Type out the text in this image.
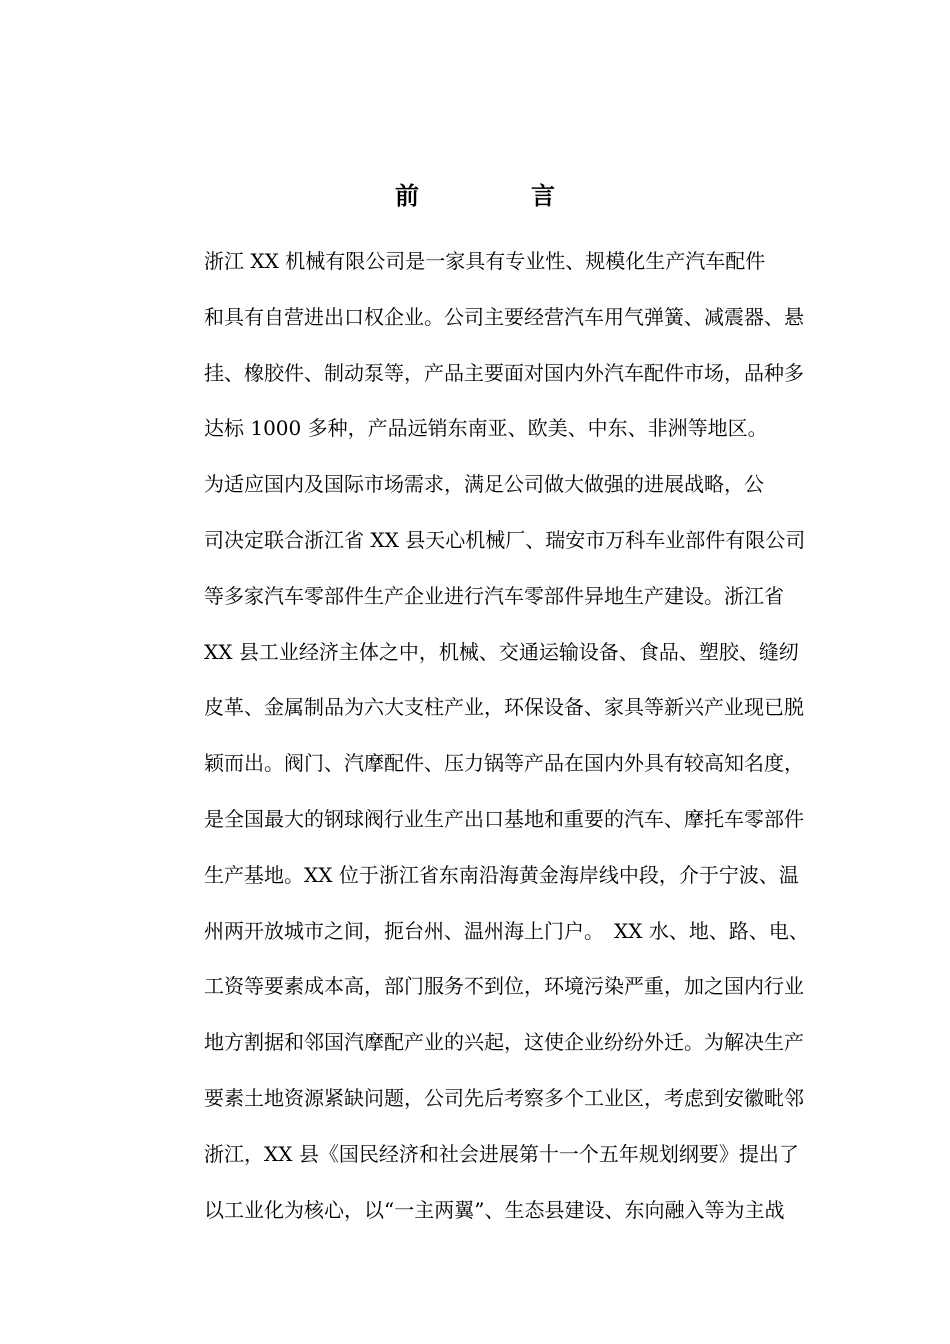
前　言

浙江 XX 机械有限公司是一家具有专业性、规模化生产汽车配件
和具有自营进出口权企业。公司主要经营汽车用气弹簧、减震器、悬
挂、橡胶件、制动泵等，产品主要面对国内外汽车配件市场，品种多
达标 1000 多种，产品远销东南亚、欧美、中东、非洲等地区。

为适应国内及国际市场需求，满足公司做大做强的进展战略，公
司决定联合浙江省 XX 县天心机械厂、瑞安市万科车业部件有限公司
等多家汽车零部件生产企业进行汽车零部件异地生产建设。浙江省
XX 县工业经济主体之中，机械、交通运输设备、食品、塑胶、缝纫
皮革、金属制品为六大支柱产业，环保设备、家具等新兴产业现已脱
颖而出。阀门、汽摩配件、压力锅等产品在国内外具有较高知名度，
是全国最大的钢球阀行业生产出口基地和重要的汽车、摩托车零部件
生产基地。XX 位于浙江省东南沿海黄金海岸线中段，介于宁波、温
州两开放城市之间，扼台州、温州海上门户。　XX 水、地、路、电、
工资等要素成本高，部门服务不到位，环境污染严重，加之国内行业
地方割据和邻国汽摩配产业的兴起，这使企业纷纷外迁。为解决生产
要素土地资源紧缺问题，公司先后考察多个工业区，考虑到安徽毗邻
浙江，XX 县《国民经济和社会进展第十一个五年规划纲要》提出了
以工业化为核心，以“一主两翼”、生态县建设、东向融入等为主战
